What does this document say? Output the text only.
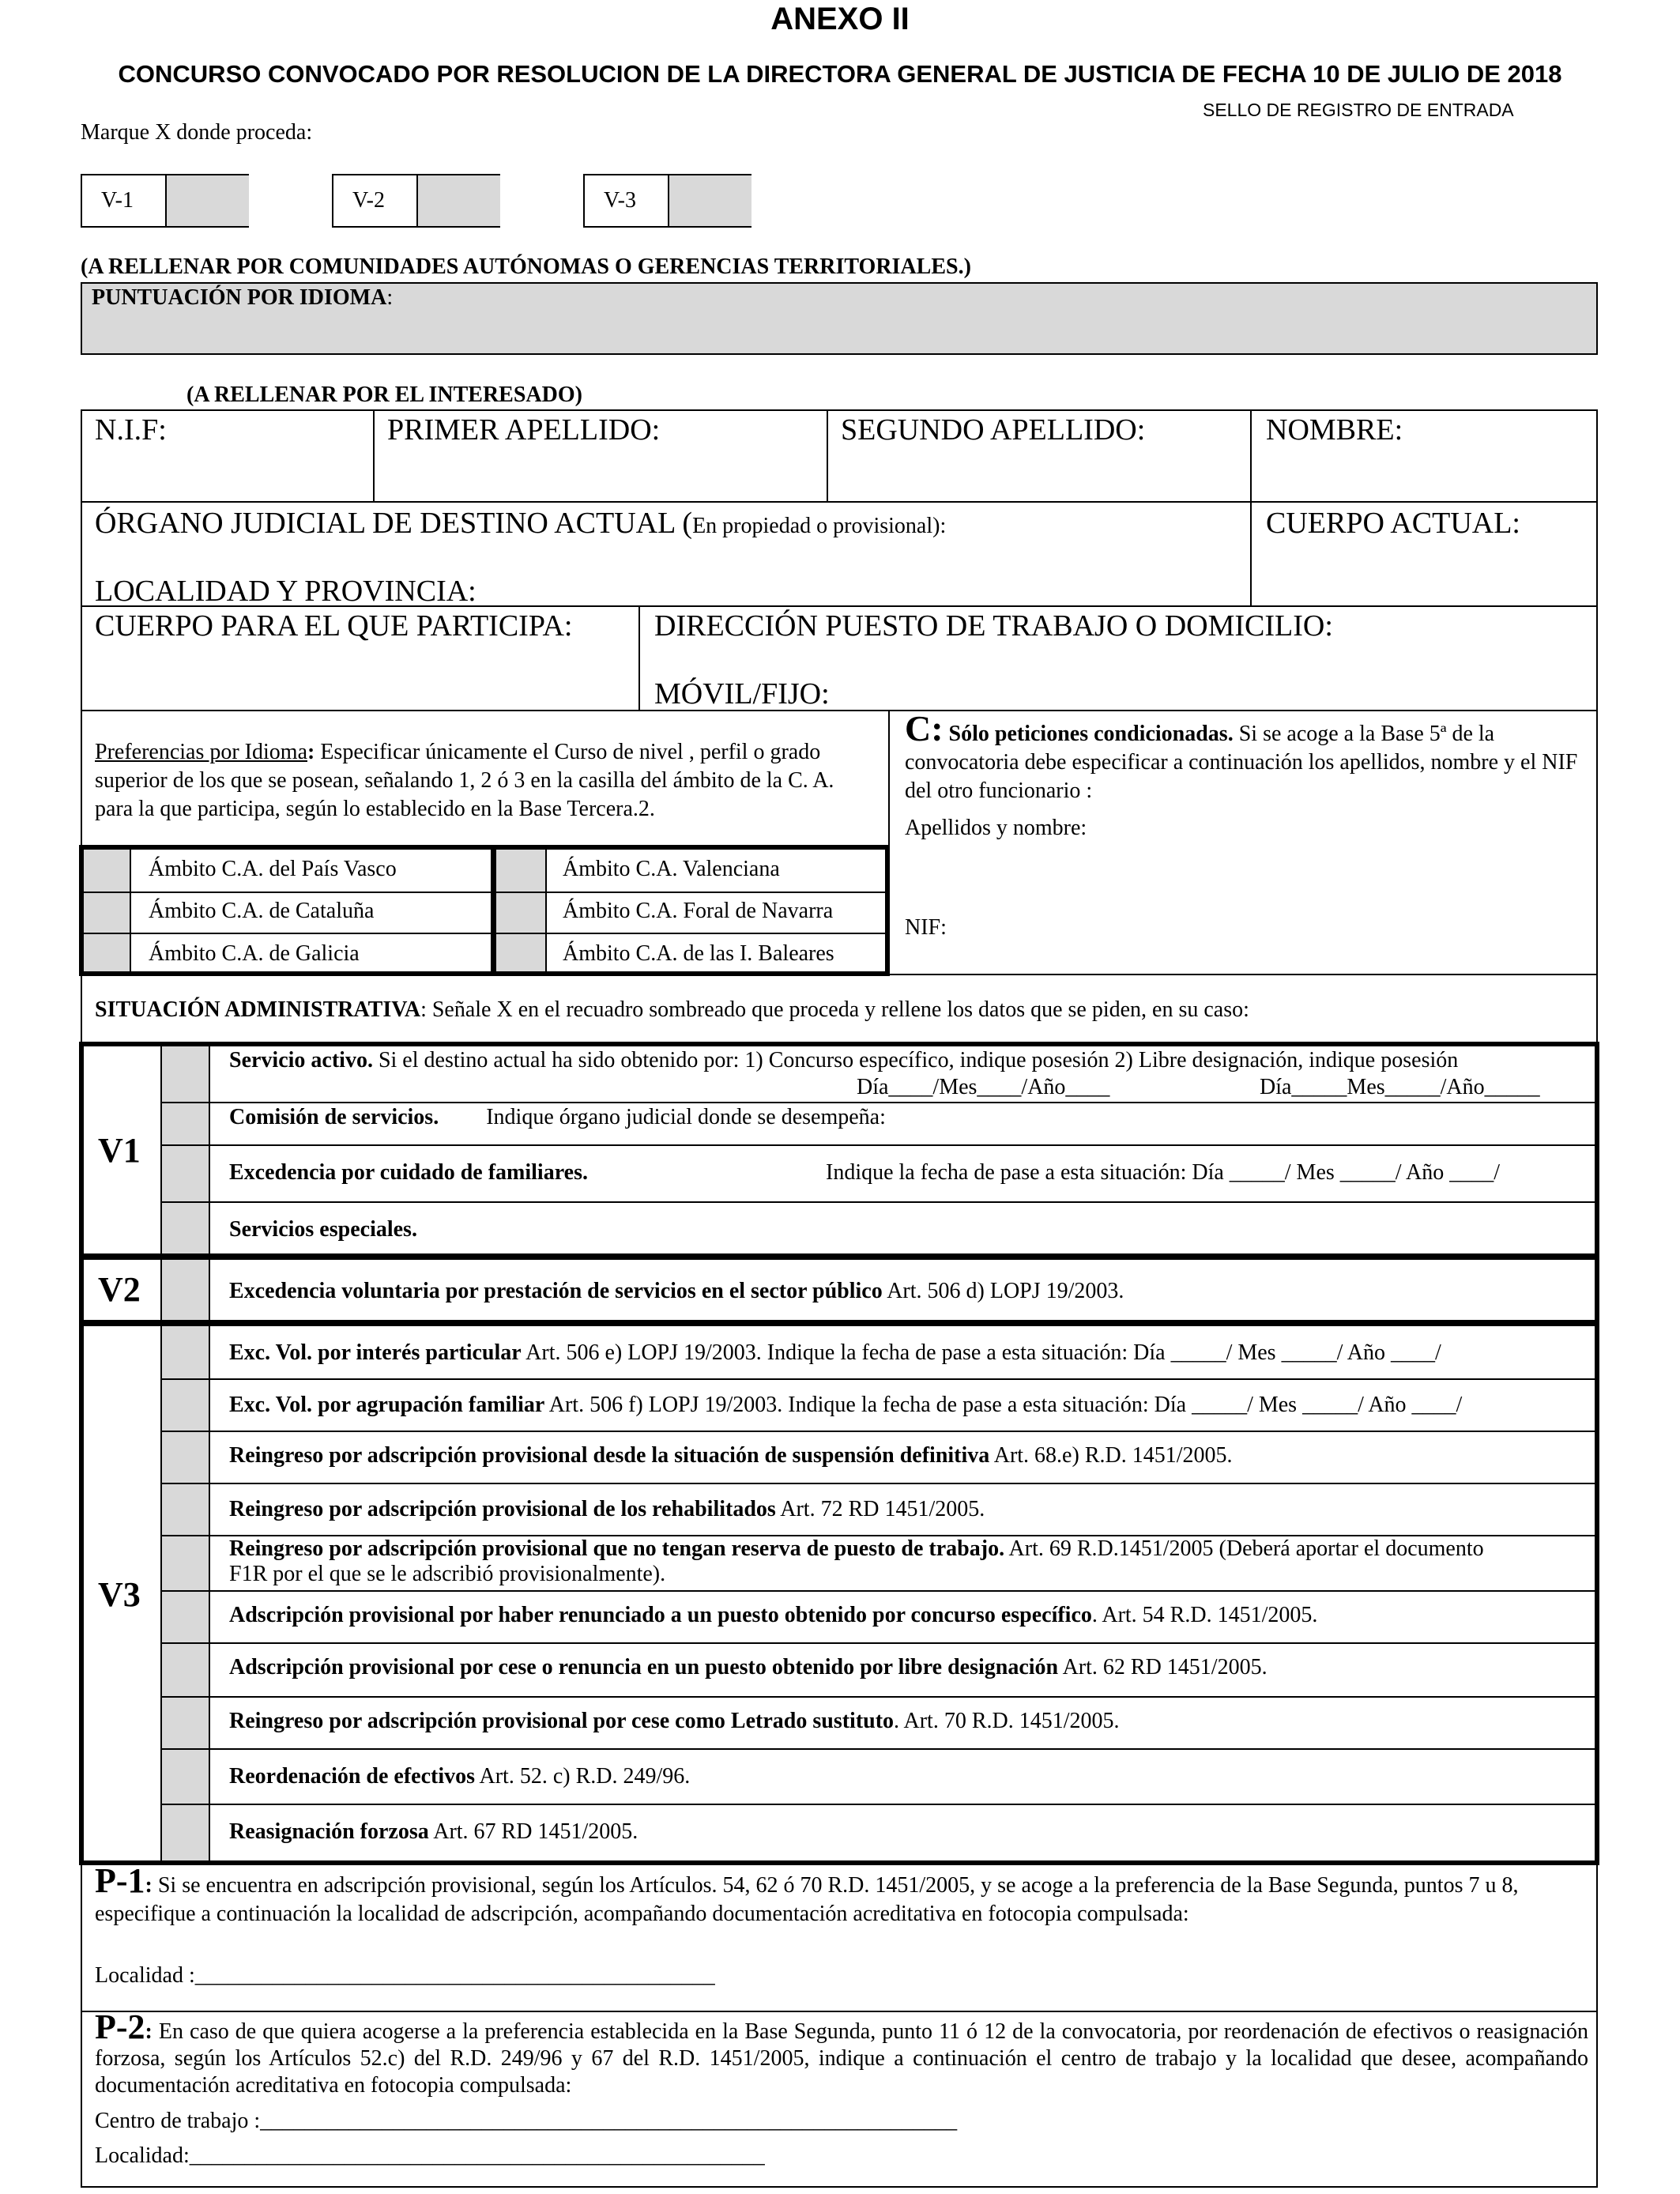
ANEXO II
CONCURSO CONVOCADO POR RESOLUCION DE LA DIRECTORA GENERAL DE JUSTICIA DE FECHA 10 DE JULIO DE 2018
SELLO DE REGISTRO DE ENTRADA
Marque X donde proceda:
V-1	V-2	V-3
(A RELLENAR POR COMUNIDADES AUTÓNOMAS O GERENCIAS TERRITORIALES.)
PUNTUACIÓN POR IDIOMA:
(A RELLENAR POR EL INTERESADO)
N.I.F:	PRIMER APELLIDO:	SEGUNDO APELLIDO:	NOMBRE:
ÓRGANO JUDICIAL DE DESTINO ACTUAL (En propiedad o provisional):
LOCALIDAD Y PROVINCIA:
CUERPO ACTUAL:
CUERPO PARA EL QUE PARTICIPA:	DIRECCIÓN PUESTO DE TRABAJO O DOMICILIO:
MÓVIL/FIJO:
Preferencias por Idioma: Especificar únicamente el Curso de nivel , perfil o grado superior de los que se posean, señalando 1, 2 ó 3 en la casilla del ámbito de la C. A. para la que participa, según lo establecido en la Base Tercera.2.
Ámbito C.A. del País Vasco
Ámbito C.A. de Cataluña
Ámbito C.A. de Galicia
Ámbito C.A. Valenciana
Ámbito C.A. Foral de Navarra
Ámbito C.A. de las I. Baleares
C: Sólo peticiones condicionadas. Si se acoge a la Base 5ª de la convocatoria debe especificar a continuación los apellidos, nombre y el NIF del otro funcionario :
Apellidos y nombre:
NIF:
SITUACIÓN ADMINISTRATIVA: Señale X en el recuadro sombreado que proceda y rellene los datos que se piden, en su caso:
V1
Servicio activo. Si el destino actual ha sido obtenido por: 1) Concurso específico, indique posesión 2) Libre designación, indique posesión
Día____/Mes____/Año____	Día_____Mes_____/Año_____
Comisión de servicios. Indique órgano judicial donde se desempeña:
Excedencia por cuidado de familiares.	Indique la fecha de pase a esta situación: Día _____/ Mes _____/ Año ____/
Servicios especiales.
V2	Excedencia voluntaria por prestación de servicios en el sector público Art. 506 d) LOPJ 19/2003.
V3
Exc. Vol. por interés particular Art. 506 e) LOPJ 19/2003. Indique la fecha de pase a esta situación: Día _____/ Mes _____/ Año ____/
Exc. Vol. por agrupación familiar Art. 506 f) LOPJ 19/2003. Indique la fecha de pase a esta situación: Día _____/ Mes _____/ Año ____/
Reingreso por adscripción provisional desde la situación de suspensión definitiva Art. 68.e) R.D. 1451/2005.
Reingreso por adscripción provisional de los rehabilitados Art. 72 RD 1451/2005.
Reingreso por adscripción provisional que no tengan reserva de puesto de trabajo. Art. 69 R.D.1451/2005 (Deberá aportar el documento F1R por el que se le adscribió provisionalmente).
Adscripción provisional por haber renunciado a un puesto obtenido por concurso específico. Art. 54 R.D. 1451/2005.
Adscripción provisional por cese o renuncia en un puesto obtenido por libre designación Art. 62 RD 1451/2005.
Reingreso por adscripción provisional por cese como Letrado sustituto. Art. 70 R.D. 1451/2005.
Reordenación de efectivos Art. 52. c) R.D. 249/96.
Reasignación forzosa Art. 67 RD 1451/2005.
P-1: Si se encuentra en adscripción provisional, según los Artículos. 54, 62 ó 70 R.D. 1451/2005, y se acoge a la preferencia de la Base Segunda, puntos 7 u 8, especifique a continuación la localidad de adscripción, acompañando documentación acreditativa en fotocopia compulsada:
Localidad :_______________________________________________
P-2: En caso de que quiera acogerse a la preferencia establecida en la Base Segunda, punto 11 ó 12 de la convocatoria, por reordenación de efectivos o reasignación forzosa, según los Artículos 52.c) del R.D. 249/96 y 67 del R.D. 1451/2005, indique a continuación el centro de trabajo y la localidad que desee, acompañando documentación acreditativa en fotocopia compulsada:
Centro de trabajo :_______________________________________________________________
Localidad:____________________________________________________
